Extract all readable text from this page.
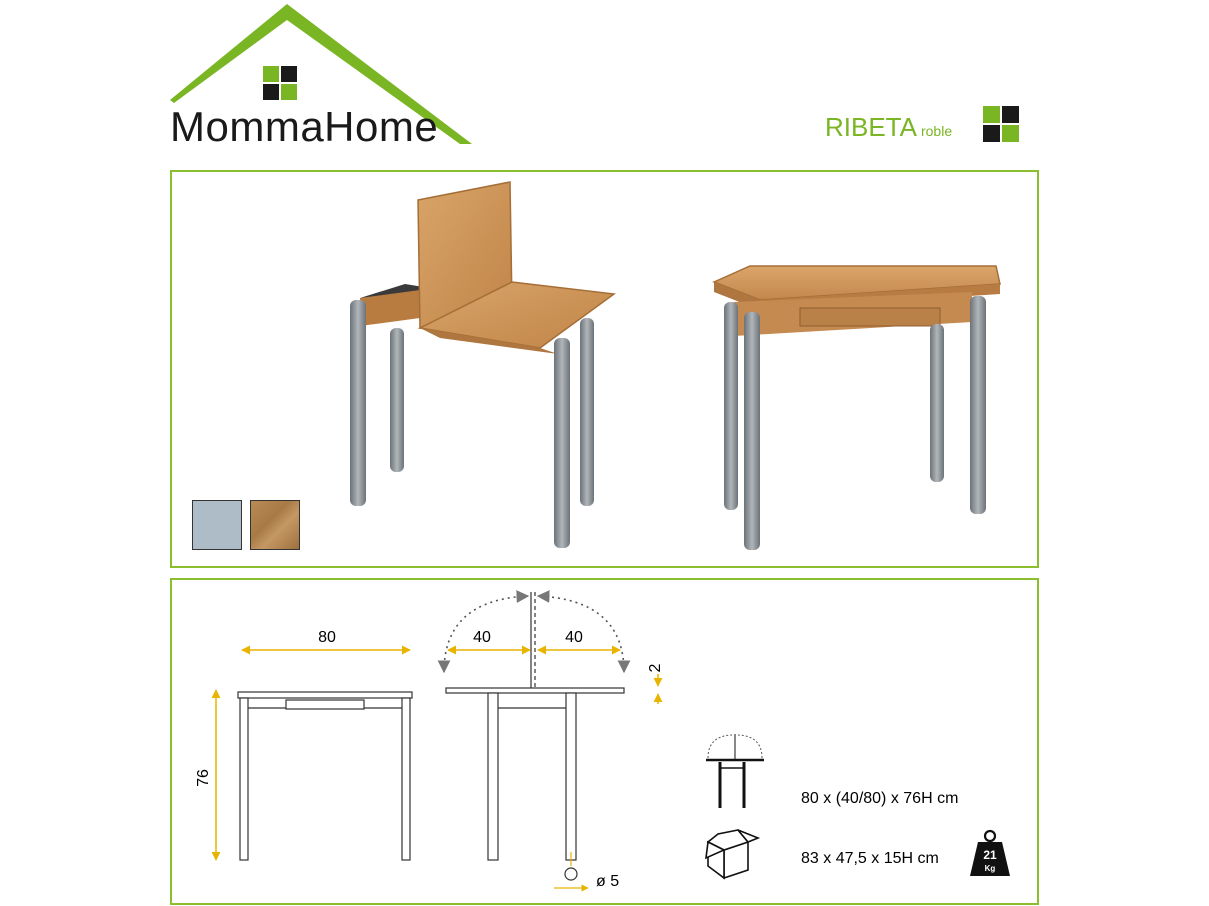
MommaHome	RIBETA roble
80
76
40	40
2
ø 5
21
Kg
80 x (40/80) x 76H cm
83 x 47,5 x 15H cm
